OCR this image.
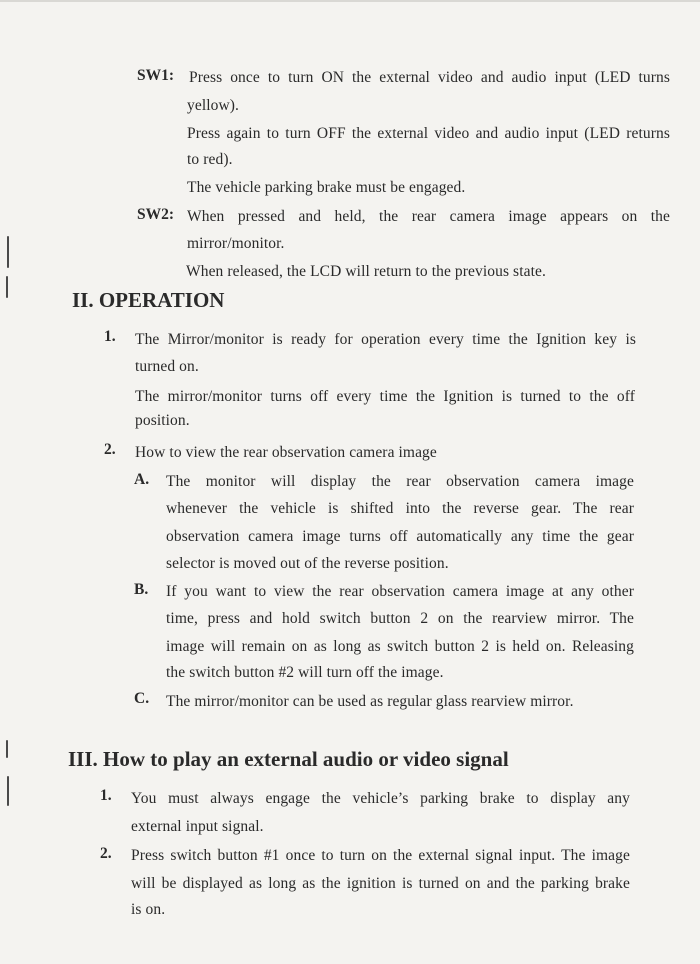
SW1: Press once to turn ON the external video and audio input (LED turns
yellow).
Press again to turn OFF the external video and audio input (LED returns
to red).
The vehicle parking brake must be engaged.
SW2: When pressed and held, the rear camera image appears on the
mirror/monitor.
When released, the LCD will return to the previous state.
II. OPERATION
1. The Mirror/monitor is ready for operation every time the Ignition key is
turned on.
The mirror/monitor turns off every time the Ignition is turned to the off
position.
2. How to view the rear observation camera image
A. The monitor will display the rear observation camera image
whenever the vehicle is shifted into the reverse gear. The rear
observation camera image turns off automatically any time the gear
selector is moved out of the reverse position.
B. If you want to view the rear observation camera image at any other
time, press and hold switch button 2 on the rearview mirror. The
image will remain on as long as switch button 2 is held on. Releasing
the switch button #2 will turn off the image.
C. The mirror/monitor can be used as regular glass rearview mirror.
III. How to play an external audio or video signal
1. You must always engage the vehicle’s parking brake to display any
external input signal.
2. Press switch button #1 once to turn on the external signal input. The image
will be displayed as long as the ignition is turned on and the parking brake
is on.
